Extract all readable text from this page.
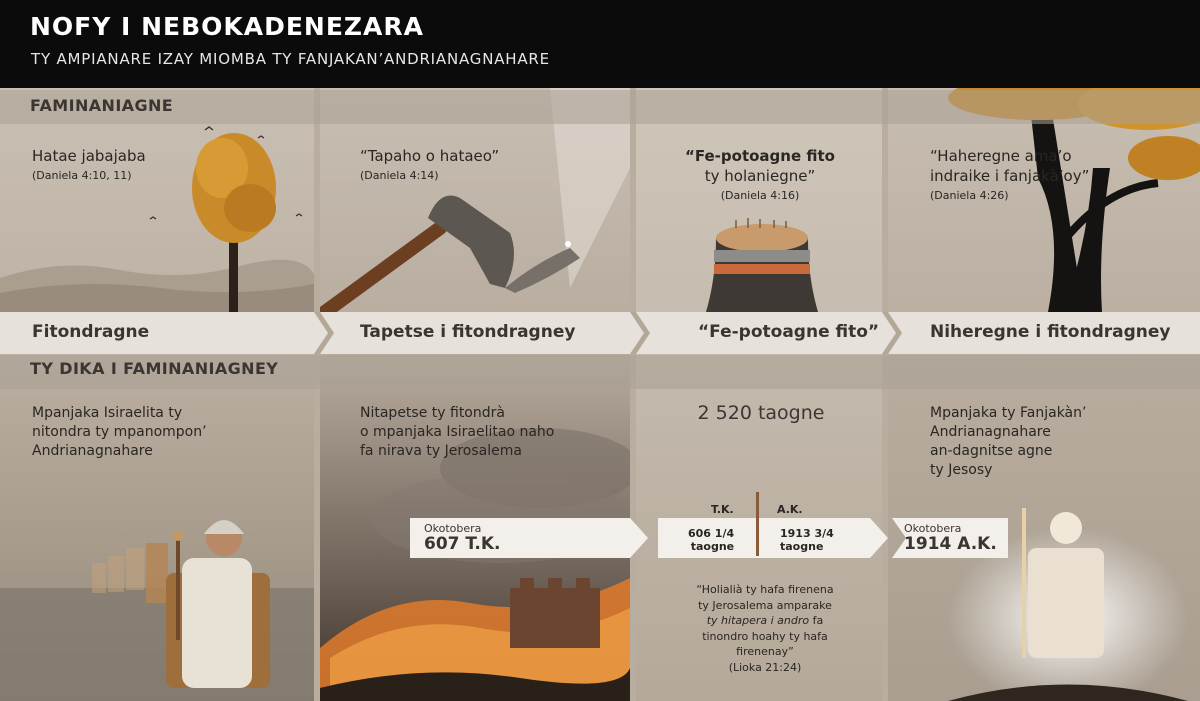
NOFY I NEBOKADENEZARA
TY AMPIANARE IZAY MIOMBA TY FANJAKAN’ANDRIANAGNAHARE
FAMINANIAGNE
TY DIKA I FAMINANIAGNEY
Hatae jabajaba
(Daniela 4:10, 11)
“Tapaho o hataeo”
(Daniela 4:14)
“Fe-potoagne fito
ty holaniegne”
(Daniela 4:16)
“Haheregne ama’o
indraike i fanjakà’oy”
(Daniela 4:26)
Fitondragne	Tapetse i fitondragney	“Fe-potoagne fito”	Niheregne i fitondragney
Mpanjaka Isiraelita ty
nitondra ty mpanompon’
Andrianagnahare
Nitapetse ty fitondrà
o mpanjaka Isiraelitao naho
fa nirava ty Jerosalema
Mpanjaka ty Fanjakàn’
Andrianagnahare
an-dagnitse agne
ty Jesosy
2 520 taogne
Okotobera
607 T.K.
Okotobera
1914 A.K.
T.K.	A.K.
606 1/4
taogne
1913 3/4
taogne
“Holialià ty hafa firenena
ty Jerosalema amparake
ty hitapera i andro fa
tinondro hoahy ty hafa
firenenay”
(Lioka 21:24)
